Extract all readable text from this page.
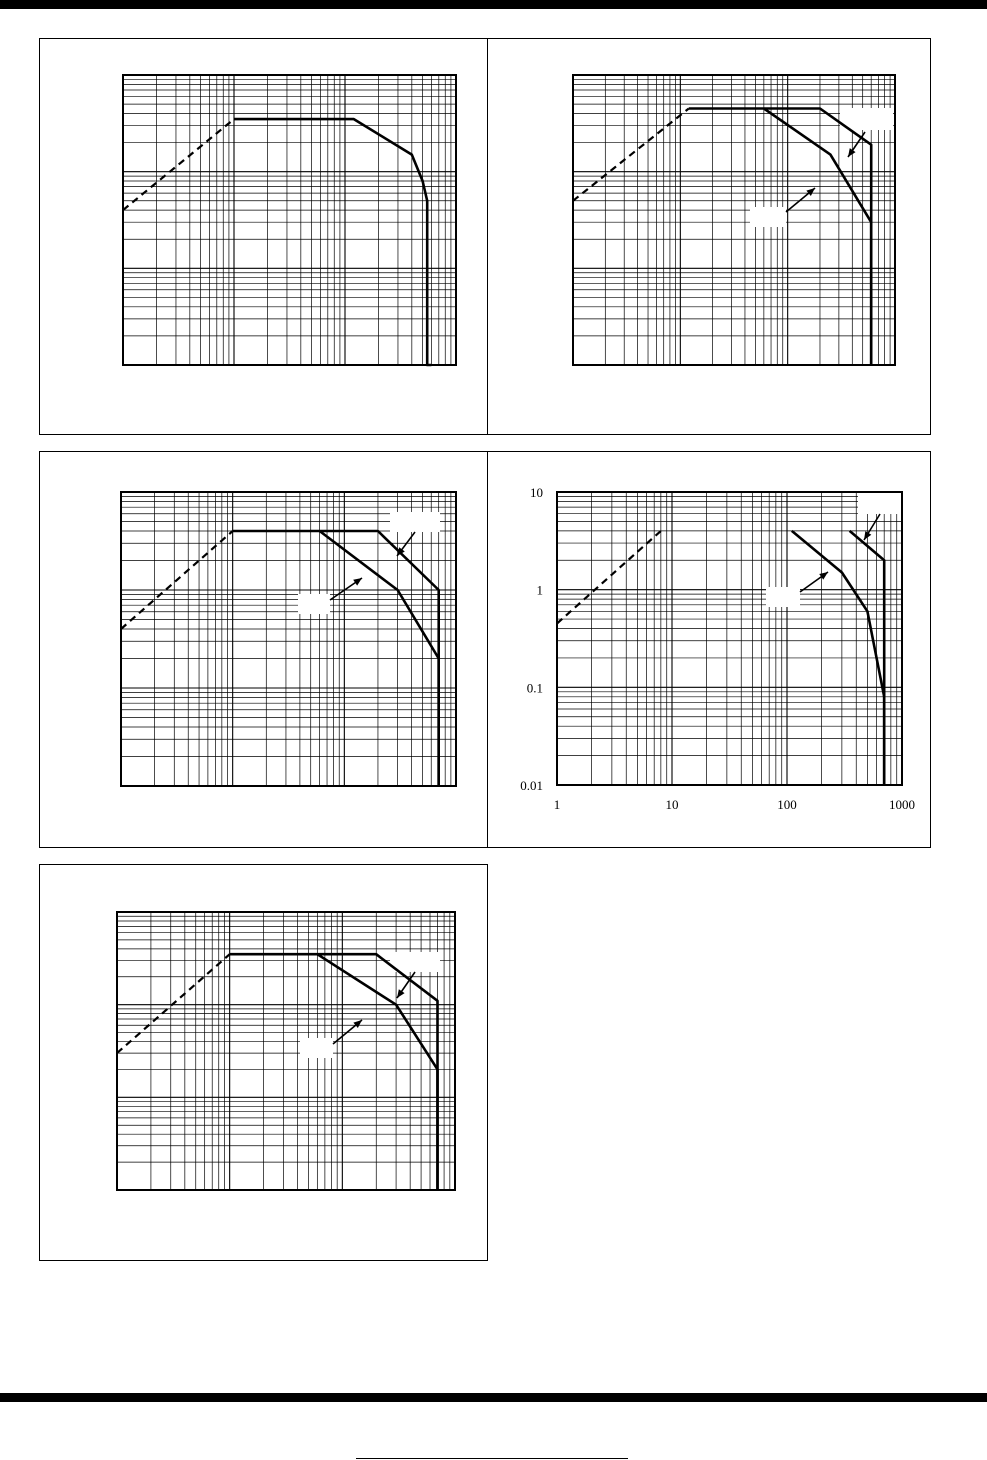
1	10	100	1000
10
1
0.1
0.01
